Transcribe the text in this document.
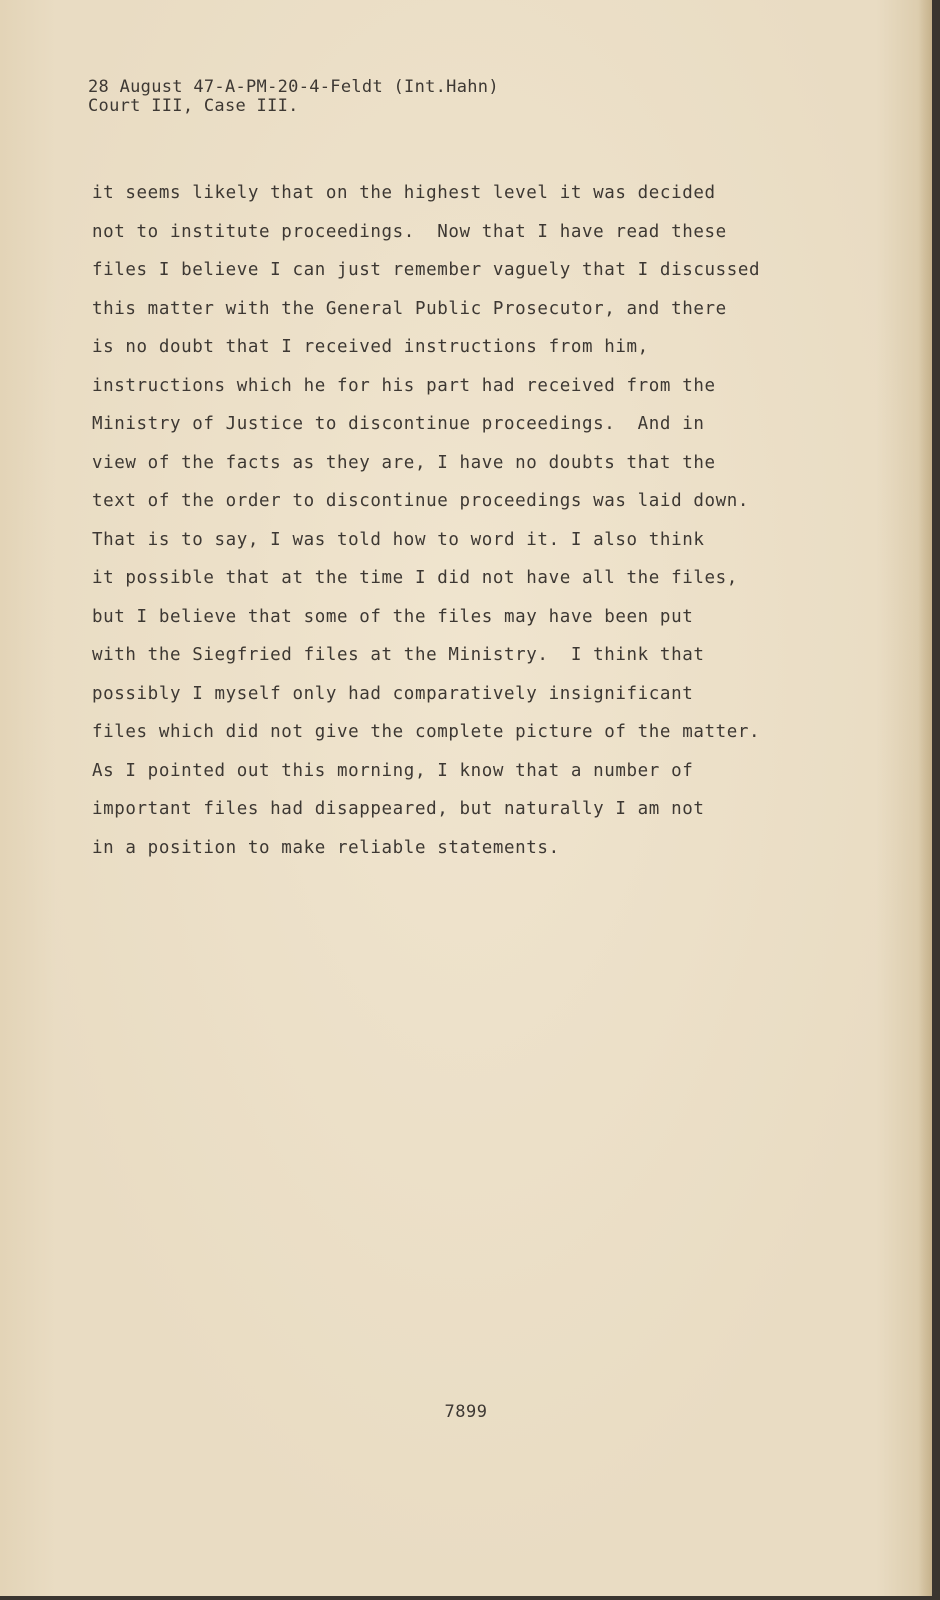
28 August 47-A-PM-20-4-Feldt (Int.Hahn)
Court III, Case III.
it seems likely that on the highest level it was decided
not to institute proceedings.  Now that I have read these
files I believe I can just remember vaguely that I discussed
this matter with the General Public Prosecutor, and there
is no doubt that I received instructions from him,
instructions which he for his part had received from the
Ministry of Justice to discontinue proceedings.  And in
view of the facts as they are, I have no doubts that the
text of the order to discontinue proceedings was laid down.
That is to say, I was told how to word it. I also think
it possible that at the time I did not have all the files,
but I believe that some of the files may have been put
with the Siegfried files at the Ministry.  I think that
possibly I myself only had comparatively insignificant
files which did not give the complete picture of the matter.
As I pointed out this morning, I know that a number of
important files had disappeared, but naturally I am not
in a position to make reliable statements.
7899
